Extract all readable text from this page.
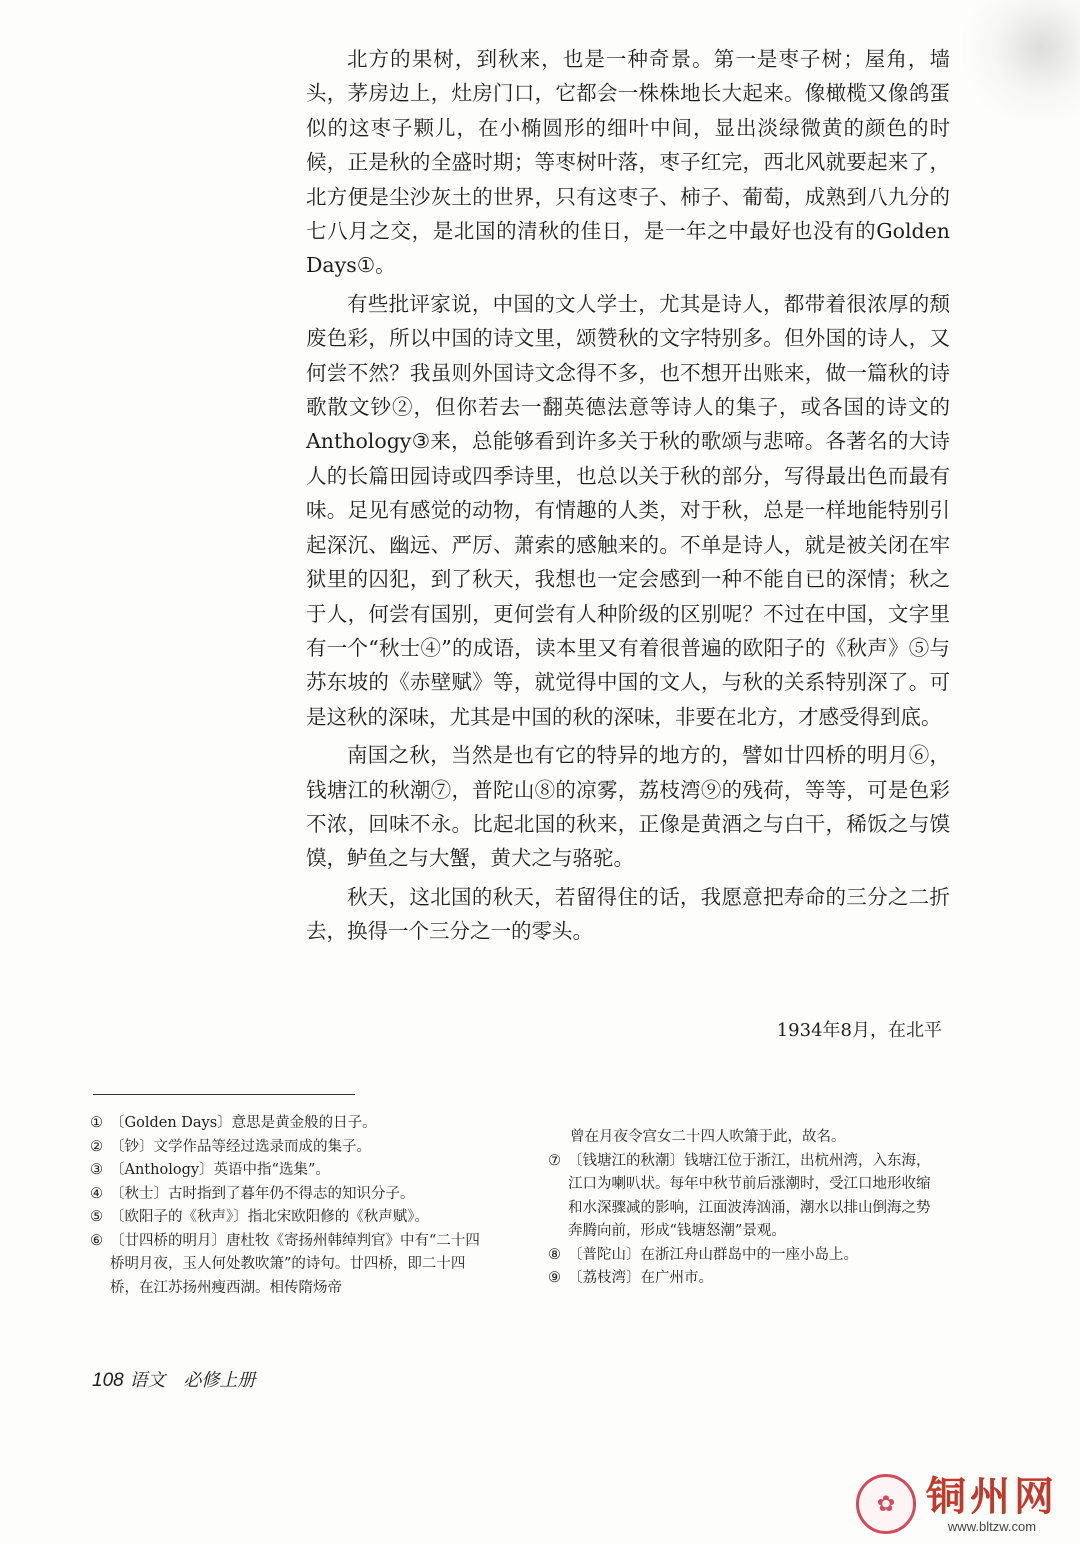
北方的果树，到秋来，也是一种奇景。第一是枣子树；屋角，墙头，茅房边上，灶房门口，它都会一株株地长大起来。像橄榄又像鸽蛋似的这枣子颗儿，在小椭圆形的细叶中间，显出淡绿微黄的颜色的时候，正是秋的全盛时期；等枣树叶落，枣子红完，西北风就要起来了，北方便是尘沙灰土的世界，只有这枣子、柿子、葡萄，成熟到八九分的七八月之交，是北国的清秋的佳日，是一年之中最好也没有的Golden Days①。

有些批评家说，中国的文人学士，尤其是诗人，都带着很浓厚的颓废色彩，所以中国的诗文里，颂赞秋的文字特别多。但外国的诗人，又何尝不然？我虽则外国诗文念得不多，也不想开出账来，做一篇秋的诗歌散文钞②，但你若去一翻英德法意等诗人的集子，或各国的诗文的Anthology③来，总能够看到许多关于秋的歌颂与悲啼。各著名的大诗人的长篇田园诗或四季诗里，也总以关于秋的部分，写得最出色而最有味。足见有感觉的动物，有情趣的人类，对于秋，总是一样地能特别引起深沉、幽远、严厉、萧索的感触来的。不单是诗人，就是被关闭在牢狱里的囚犯，到了秋天，我想也一定会感到一种不能自已的深情；秋之于人，何尝有国别，更何尝有人种阶级的区别呢？不过在中国，文字里有一个“秋士④”的成语，读本里又有着很普遍的欧阳子的《秋声》⑤与苏东坡的《赤壁赋》等，就觉得中国的文人，与秋的关系特别深了。可是这秋的深味，尤其是中国的秋的深味，非要在北方，才感受得到底。

南国之秋，当然是也有它的特异的地方的，譬如廿四桥的明月⑥，钱塘江的秋潮⑦，普陀山⑧的凉雾，荔枝湾⑨的残荷，等等，可是色彩不浓，回味不永。比起北国的秋来，正像是黄酒之与白干，稀饭之与馍馍，鲈鱼之与大蟹，黄犬之与骆驼。

秋天，这北国的秋天，若留得住的话，我愿意把寿命的三分之二折去，换得一个三分之一的零头。

1934年8月，在北平
① 〔Golden Days〕意思是黄金般的日子。
② 〔钞〕文学作品等经过选录而成的集子。
③ 〔Anthology〕英语中指“选集”。
④ 〔秋士〕古时指到了暮年仍不得志的知识分子。
⑤ 〔欧阳子的《秋声》〕指北宋欧阳修的《秋声赋》。
⑥ 〔廿四桥的明月〕唐杜牧《寄扬州韩绰判官》中有“二十四桥明月夜，玉人何处教吹箫”的诗句。廿四桥，即二十四桥，在江苏扬州瘦西湖。相传隋炀帝
曾在月夜令宫女二十四人吹箫于此，故名。
⑦ 〔钱塘江的秋潮〕钱塘江位于浙江，出杭州湾，入东海，江口为喇叭状。每年中秋节前后涨潮时，受江口地形收缩和水深骤减的影响，江面波涛汹涌，潮水以排山倒海之势奔腾向前，形成“钱塘怒潮”景观。
⑧ 〔普陀山〕在浙江舟山群岛中的一座小岛上。
⑨ 〔荔枝湾〕在广州市。
108 语文　必修上册
✿ 铜州网
www.bltzw.com
